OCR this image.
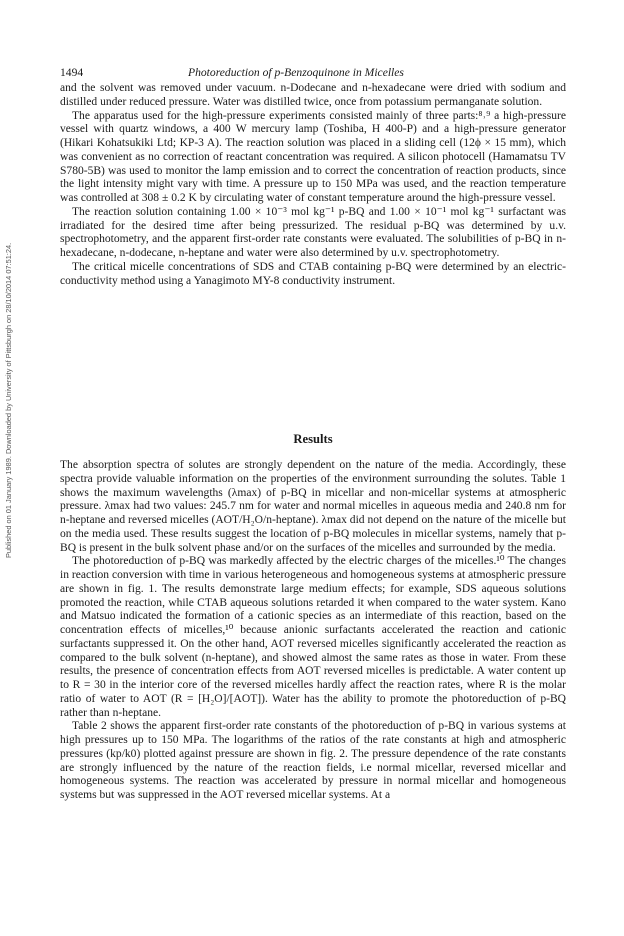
Published on 01 January 1989. Downloaded by University of Pittsburgh on 28/10/2014 07:51:24.
1494	Photoreduction of p-Benzoquinone in Micelles

and the solvent was removed under vacuum. n-Dodecane and n-hexadecane were dried with sodium and distilled under reduced pressure. Water was distilled twice, once from potassium permanganate solution.

The apparatus used for the high-pressure experiments consisted mainly of three parts:⁸˒⁹ a high-pressure vessel with quartz windows, a 400 W mercury lamp (Toshiba, H 400-P) and a high-pressure generator (Hikari Kohatsukiki Ltd; KP-3 A). The reaction solution was placed in a sliding cell (12ϕ × 15 mm), which was convenient as no correction of reactant concentration was required. A silicon photocell (Hamamatsu TV S780-5B) was used to monitor the lamp emission and to correct the concentration of reaction products, since the light intensity might vary with time. A pressure up to 150 MPa was used, and the reaction temperature was controlled at 308 ± 0.2 K by circulating water of constant temperature around the high-pressure vessel.

The reaction solution containing 1.00 × 10⁻³ mol kg⁻¹ p-BQ and 1.00 × 10⁻¹ mol kg⁻¹ surfactant was irradiated for the desired time after being pressurized. The residual p-BQ was determined by u.v. spectrophotometry, and the apparent first-order rate constants were evaluated. The solubilities of p-BQ in n-hexadecane, n-dodecane, n-heptane and water were also determined by u.v. spectrophotometry.

The critical micelle concentrations of SDS and CTAB containing p-BQ were determined by an electric-conductivity method using a Yanagimoto MY-8 conductivity instrument.

Results

The absorption spectra of solutes are strongly dependent on the nature of the media. Accordingly, these spectra provide valuable information on the properties of the environment surrounding the solutes. Table 1 shows the maximum wavelengths (λmax) of p-BQ in micellar and non-micellar systems at atmospheric pressure. λmax had two values: 245.7 nm for water and normal micelles in aqueous media and 240.8 nm for n-heptane and reversed micelles (AOT/H₂O/n-heptane). λmax did not depend on the nature of the micelle but on the media used. These results suggest the location of p-BQ molecules in micellar systems, namely that p-BQ is present in the bulk solvent phase and/or on the surfaces of the micelles and surrounded by the media.

The photoreduction of p-BQ was markedly affected by the electric charges of the micelles.¹⁰ The changes in reaction conversion with time in various heterogeneous and homogeneous systems at atmospheric pressure are shown in fig. 1. The results demonstrate large medium effects; for example, SDS aqueous solutions promoted the reaction, while CTAB aqueous solutions retarded it when compared to the water system. Kano and Matsuo indicated the formation of a cationic species as an intermediate of this reaction, based on the concentration effects of micelles,¹⁰ because anionic surfactants accelerated the reaction and cationic surfactants suppressed it. On the other hand, AOT reversed micelles significantly accelerated the reaction as compared to the bulk solvent (n-heptane), and showed almost the same rates as those in water. From these results, the presence of concentration effects from AOT reversed micelles is predictable. A water content up to R = 30 in the interior core of the reversed micelles hardly affect the reaction rates, where R is the molar ratio of water to AOT (R = [H₂O]/[AOT]). Water has the ability to promote the photoreduction of p-BQ rather than n-heptane.

Table 2 shows the apparent first-order rate constants of the photoreduction of p-BQ in various systems at high pressures up to 150 MPa. The logarithms of the ratios of the rate constants at high and atmospheric pressures (kp/k0) plotted against pressure are shown in fig. 2. The pressure dependence of the rate constants are strongly influenced by the nature of the reaction fields, i.e normal micellar, reversed micellar and homogeneous systems. The reaction was accelerated by pressure in normal micellar and homogeneous systems but was suppressed in the AOT reversed micellar systems. At a
